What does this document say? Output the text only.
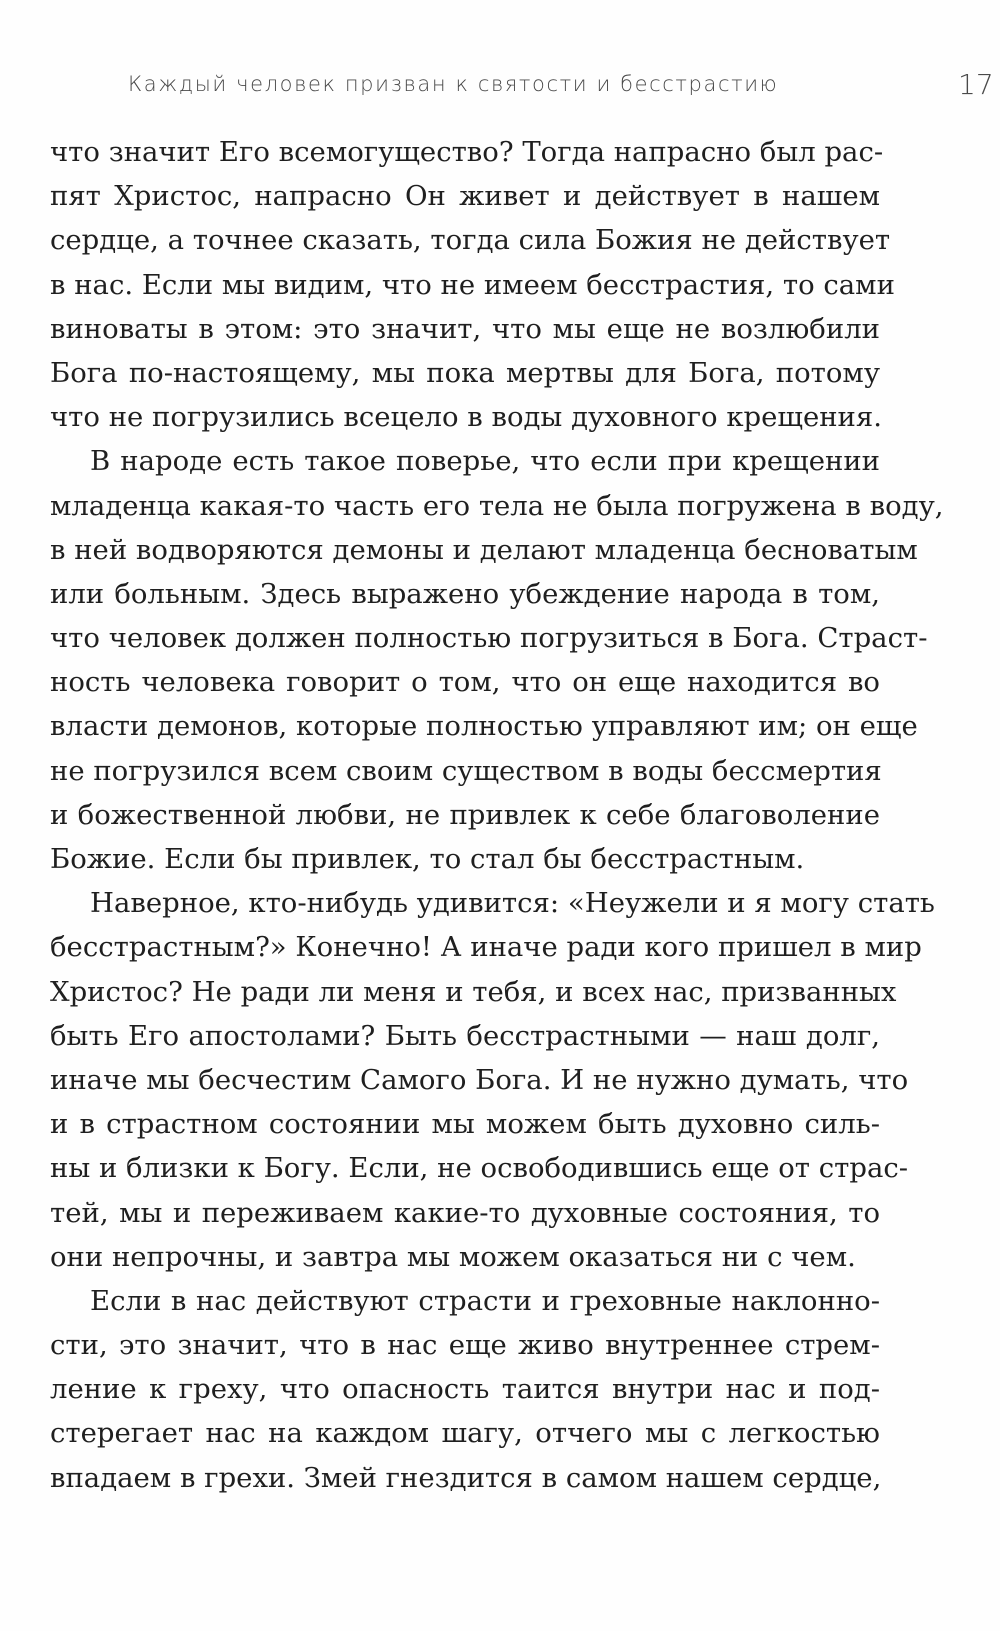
Каждый человек призван к святости и бесстрастию	17
что значит Его всемогущество? Тогда напрасно был рас-
пят Христос, напрасно Он живет и действует в нашем
сердце, а точнее сказать, тогда сила Божия не действует
в нас. Если мы видим, что не имеем бесстрастия, то сами
виноваты в этом: это значит, что мы еще не возлюбили
Бога по-настоящему, мы пока мертвы для Бога, потому
что не погрузились всецело в воды духовного крещения.
В народе есть такое поверье, что если при крещении
младенца какая-то часть его тела не была погружена в воду,
в ней водворяются демоны и делают младенца бесноватым
или больным. Здесь выражено убеждение народа в том,
что человек должен полностью погрузиться в Бога. Страст-
ность человека говорит о том, что он еще находится во
власти демонов, которые полностью управляют им; он еще
не погрузился всем своим существом в воды бессмертия
и божественной любви, не привлек к себе благоволение
Божие. Если бы привлек, то стал бы бесстрастным.
Наверное, кто-нибудь удивится: «Неужели и я могу стать
бесстрастным?» Конечно! А иначе ради кого пришел в мир
Христос? Не ради ли меня и тебя, и всех нас, призванных
быть Его апостолами? Быть бесстрастными — наш долг,
иначе мы бесчестим Самого Бога. И не нужно думать, что
и в страстном состоянии мы можем быть духовно силь-
ны и близки к Богу. Если, не освободившись еще от страс-
тей, мы и переживаем какие-то духовные состояния, то
они непрочны, и завтра мы можем оказаться ни с чем.
Если в нас действуют страсти и греховные наклонно-
сти, это значит, что в нас еще живо внутреннее стрем-
ление к греху, что опасность таится внутри нас и под-
стерегает нас на каждом шагу, отчего мы с легкостью
впадаем в грехи. Змей гнездится в самом нашем сердце,
